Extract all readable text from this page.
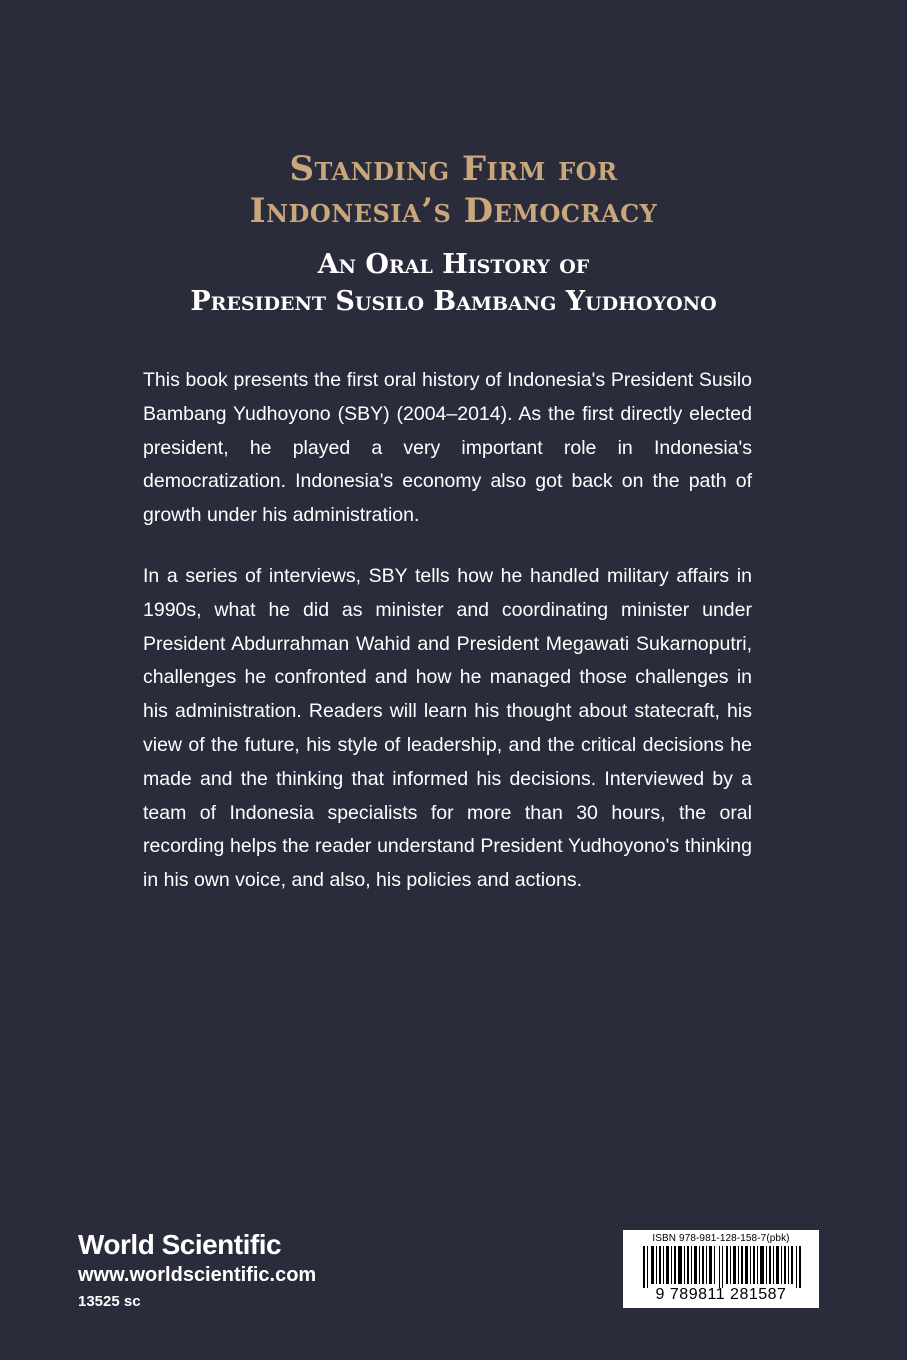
Standing Firm for
Indonesia’s Democracy
An Oral History of
President Susilo Bambang Yudhoyono

This book presents the first oral history of Indonesia's President Susilo Bambang Yudhoyono (SBY) (2004–2014). As the first directly elected president, he played a very important role in Indonesia's democratization. Indonesia's economy also got back on the path of growth under his administration.

In a series of interviews, SBY tells how he handled military affairs in 1990s, what he did as minister and coordinating minister under President Abdurrahman Wahid and President Megawati Sukarnoputri, challenges he confronted and how he managed those challenges in his administration. Readers will learn his thought about statecraft, his view of the future, his style of leadership, and the critical decisions he made and the thinking that informed his decisions. Interviewed by a team of Indonesia specialists for more than 30 hours, the oral recording helps the reader understand President Yudhoyono's thinking in his own voice, and also, his policies and actions.

World Scientific
www.worldscientific.com
13525 sc
ISBN 978-981-128-158-7(pbk)
9 789811 281587
